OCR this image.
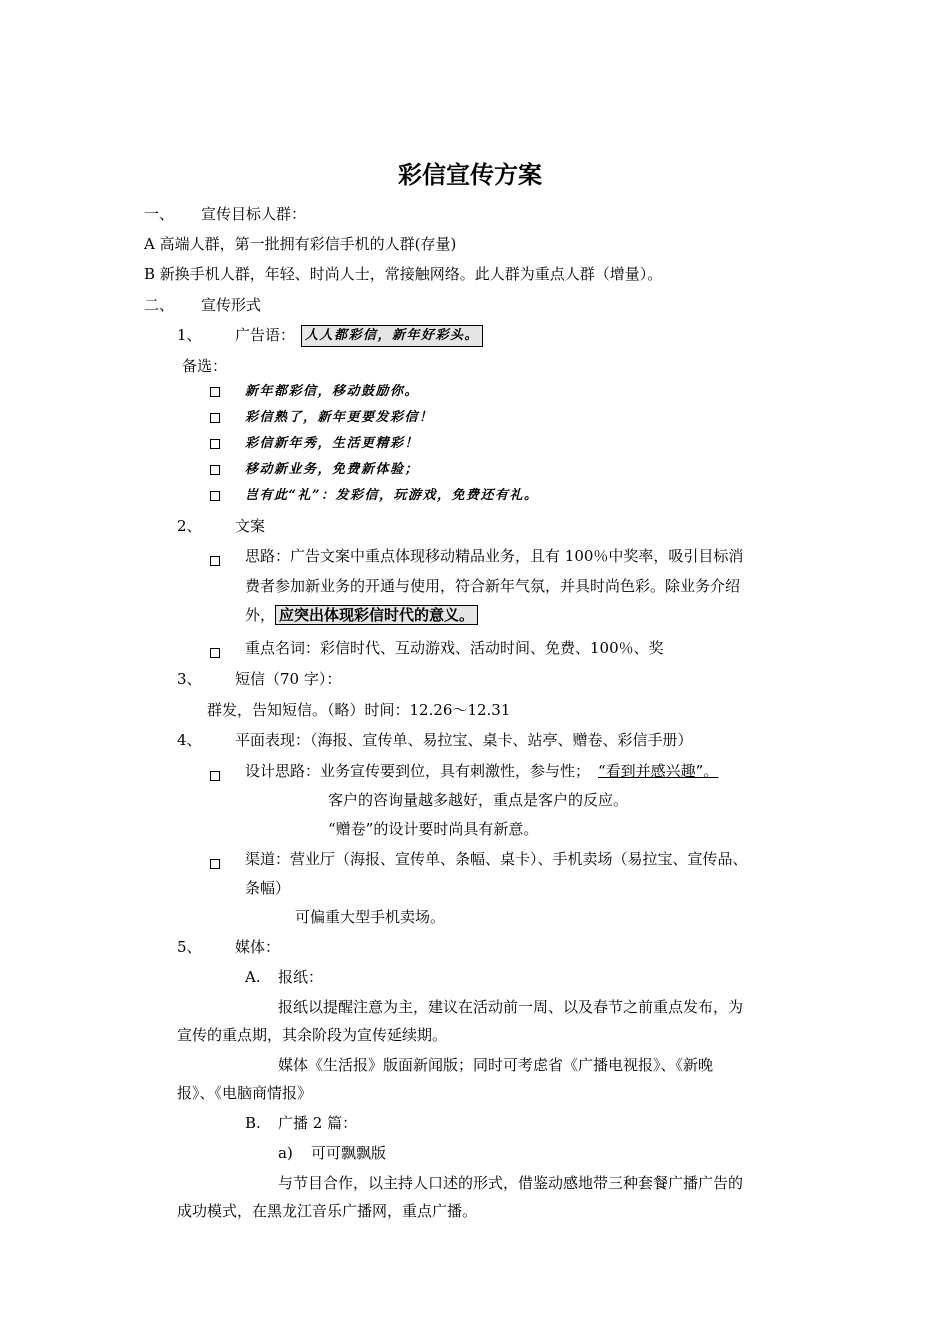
彩信宣传方案
一、 宣传目标人群：
A 高端人群，第一批拥有彩信手机的人群(存量)
B 新换手机人群，年轻、时尚人士，常接触网络。此人群为重点人群（增量）。
二、 宣传形式
1、 广告语： 人人都彩信，新年好彩头。
备选：
新年都彩信，移动鼓励你。
彩信熟了，新年更要发彩信！
彩信新年秀，生活更精彩！
移动新业务，免费新体验；
岂有此“礼”：发彩信，玩游戏，免费还有礼。
2、 文案
思路：广告文案中重点体现移动精品业务，且有 100％中奖率，吸引目标消
费者参加新业务的开通与使用，符合新年气氛，并具时尚色彩。除业务介绍
外， 应突出体现彩信时代的意义。
重点名词：彩信时代、互动游戏、活动时间、免费、100％、奖
3、 短信（70 字）：
群发，告知短信。（略）时间：12.26～12.31
4、 平面表现：（海报、宣传单、易拉宝、桌卡、站亭、赠卷、彩信手册）
设计思路：业务宣传要到位，具有刺激性，参与性； “看到并感兴趣”。
客户的咨询量越多越好，重点是客户的反应。
“赠卷”的设计要时尚具有新意。
渠道：营业厅（海报、宣传单、条幅、桌卡）、手机卖场（易拉宝、宣传品、
条幅）
可偏重大型手机卖场。
5、 媒体：
A. 报纸：
报纸以提醒注意为主，建议在活动前一周、以及春节之前重点发布，为
宣传的重点期，其余阶段为宣传延续期。
媒体《生活报》版面新闻版；同时可考虑省《广播电视报》、《新晚
报》、《电脑商情报》
B. 广播 2 篇：
a) 可可飘飘版
与节目合作，以主持人口述的形式，借鉴动感地带三种套餐广播广告的
成功模式，在黑龙江音乐广播网，重点广播。
